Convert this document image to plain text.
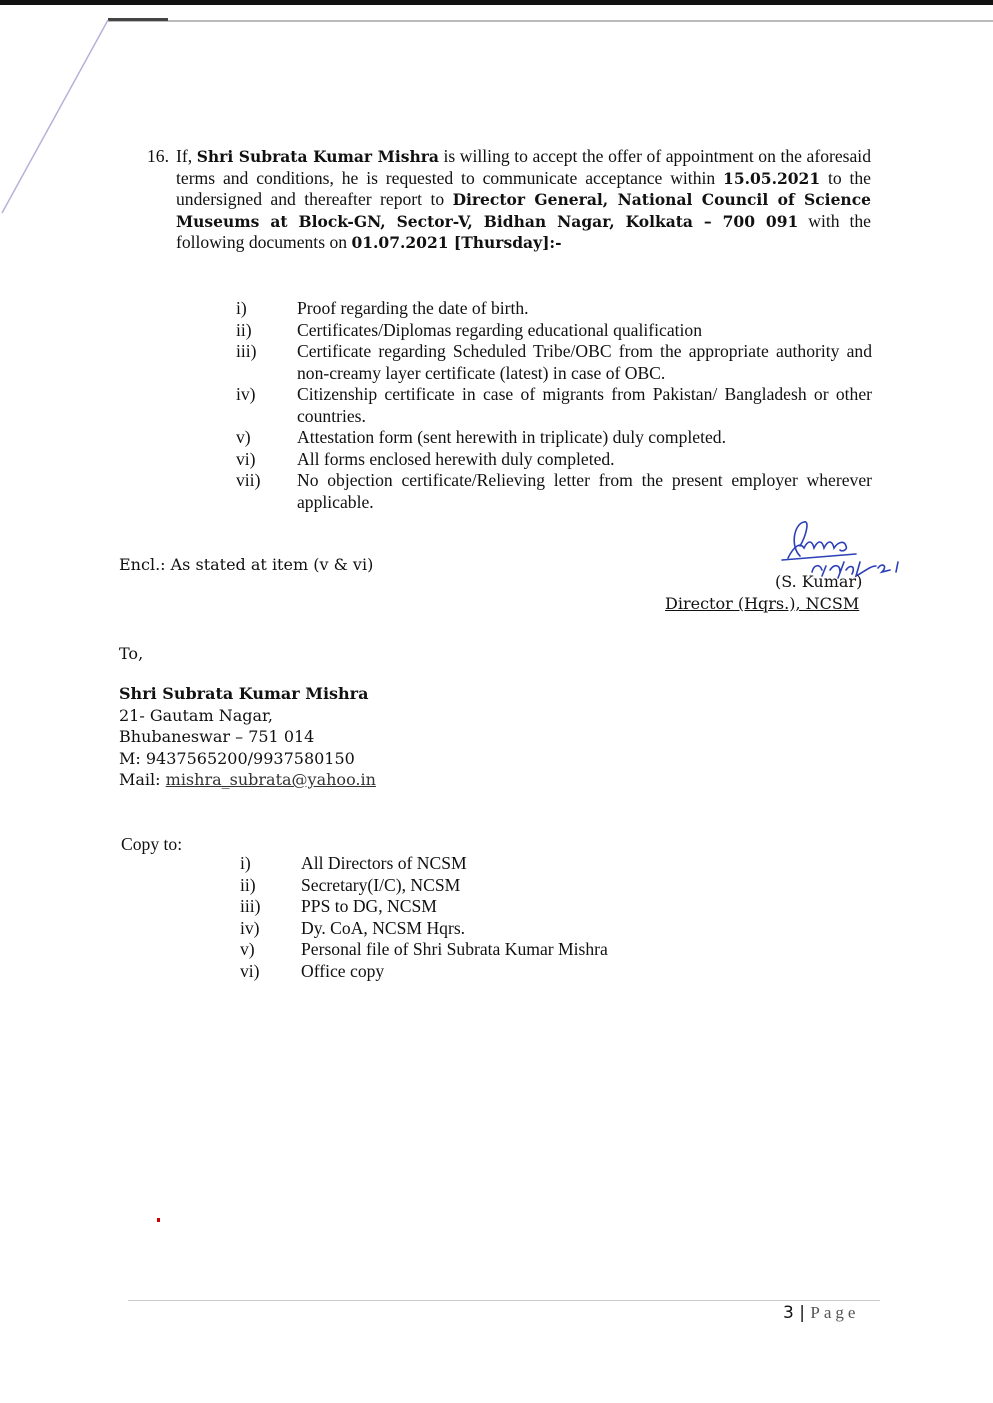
16. If, Shri Subrata Kumar Mishra is willing to accept the offer of appointment on the aforesaid terms and conditions, he is requested to communicate acceptance within 15.05.2021 to the undersigned and thereafter report to Director General, National Council of Science Museums at Block-GN, Sector-V, Bidhan Nagar, Kolkata – 700 091 with the following documents on 01.07.2021 [Thursday]:-
i)	Proof regarding the date of birth.
ii)	Certificates/Diplomas regarding educational qualification
iii)	Certificate regarding Scheduled Tribe/OBC from the appropriate authority and non-creamy layer certificate (latest) in case of OBC.
iv)	Citizenship certificate in case of migrants from Pakistan/ Bangladesh or other countries.
v)	Attestation form (sent herewith in triplicate) duly completed.
vi)	All forms enclosed herewith duly completed.
vii)	No objection certificate/Relieving letter from the present employer wherever applicable.
Encl.: As stated at item (v & vi)
(S. Kumar)
Director (Hqrs.), NCSM
To,
Shri Subrata Kumar Mishra
21- Gautam Nagar,
Bhubaneswar – 751 014
M: 9437565200/9937580150
Mail: mishra_subrata@yahoo.in
Copy to:
i)	All Directors of NCSM
ii)	Secretary(I/C), NCSM
iii)	PPS to DG, NCSM
iv)	Dy. CoA, NCSM Hqrs.
v)	Personal file of Shri Subrata Kumar Mishra
vi)	Office copy
3 | Page
